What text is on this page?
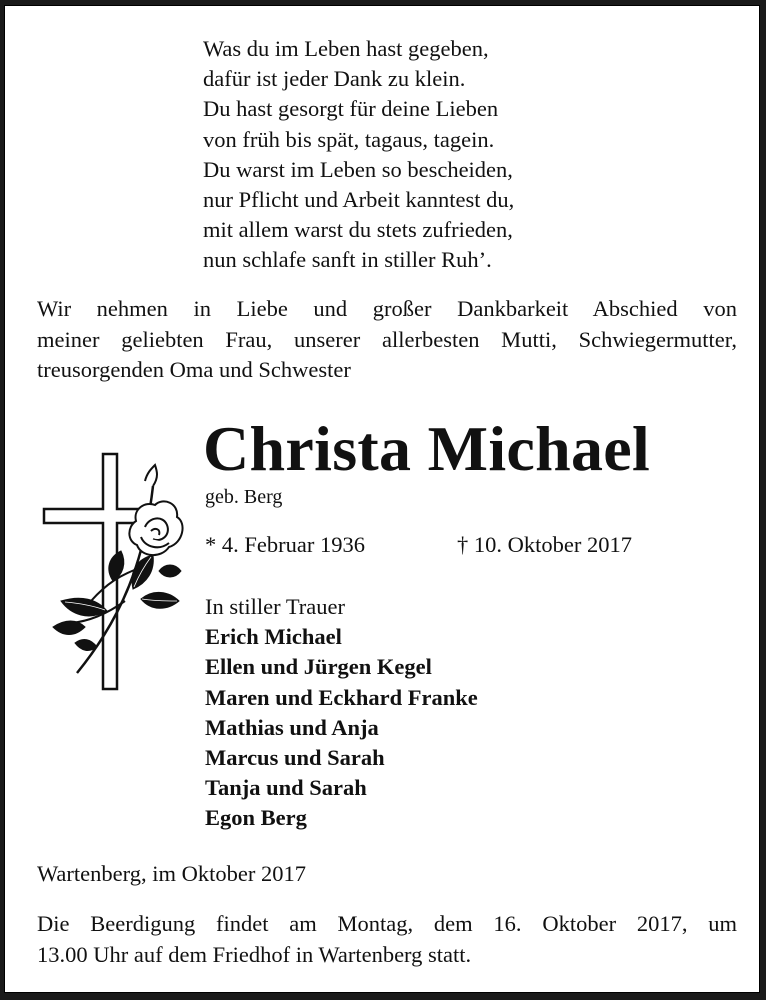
Was du im Leben hast gegeben,
dafür ist jeder Dank zu klein.
Du hast gesorgt für deine Lieben
von früh bis spät, tagaus, tagein.
Du warst im Leben so bescheiden,
nur Pflicht und Arbeit kanntest du,
mit allem warst du stets zufrieden,
nun schlafe sanft in stiller Ruh’.
Wir nehmen in Liebe und großer Dankbarkeit Abschied von
meiner geliebten Frau, unserer allerbesten Mutti, Schwiegermutter,
treusorgenden Oma und Schwester
Christa Michael
geb. Berg
* 4. Februar 1936	† 10. Oktober 2017
In stiller Trauer
Erich Michael
Ellen und Jürgen Kegel
Maren und Eckhard Franke
Mathias und Anja
Marcus und Sarah
Tanja und Sarah
Egon Berg
Wartenberg, im Oktober 2017
Die Beerdigung findet am Montag, dem 16. Oktober 2017, um
13.00 Uhr auf dem Friedhof in Wartenberg statt.
